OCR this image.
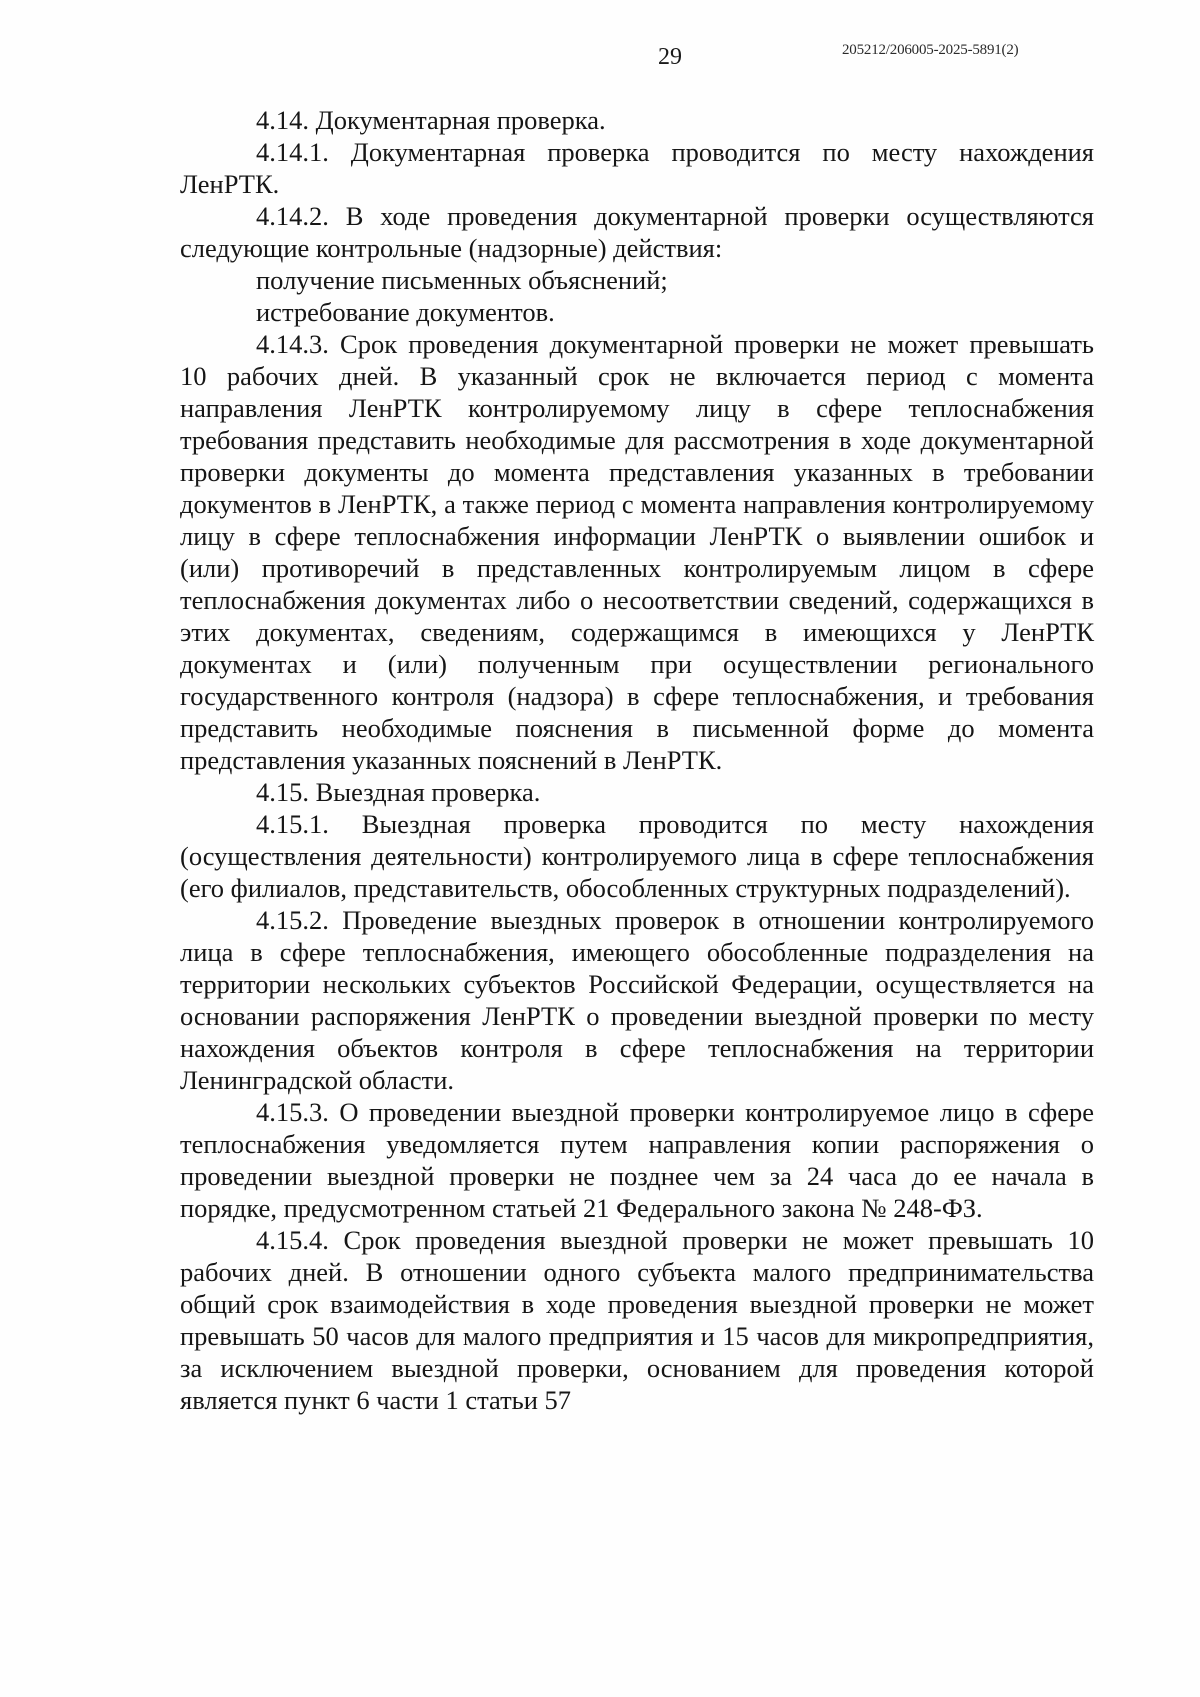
29	205212/206005-2025-5891(2)

4.14. Документарная проверка.

4.14.1. Документарная проверка проводится по месту нахождения ЛенРТК.

4.14.2. В ходе проведения документарной проверки осуществляются следующие контрольные (надзорные) действия:

получение письменных объяснений;

истребование документов.

4.14.3. Срок проведения документарной проверки не может превышать 10 рабочих дней. В указанный срок не включается период с момента направления ЛенРТК контролируемому лицу в сфере теплоснабжения требования представить необходимые для рассмотрения в ходе документарной проверки документы до момента представления указанных в требовании документов в ЛенРТК, а также период с момента направления контролируемому лицу в сфере теплоснабжения информации ЛенРТК о выявлении ошибок и (или) противоречий в представленных контролируемым лицом в сфере теплоснабжения документах либо о несоответствии сведений, содержащихся в этих документах, сведениям, содержащимся в имеющихся у ЛенРТК документах и (или) полученным при осуществлении регионального государственного контроля (надзора) в сфере теплоснабжения, и требования представить необходимые пояснения в письменной форме до момента представления указанных пояснений в ЛенРТК.

4.15. Выездная проверка.

4.15.1. Выездная проверка проводится по месту нахождения (осуществления деятельности) контролируемого лица в сфере теплоснабжения (его филиалов, представительств, обособленных структурных подразделений).

4.15.2. Проведение выездных проверок в отношении контролируемого лица в сфере теплоснабжения, имеющего обособленные подразделения на территории нескольких субъектов Российской Федерации, осуществляется на основании распоряжения ЛенРТК о проведении выездной проверки по месту нахождения объектов контроля в сфере теплоснабжения на территории Ленинградской области.

4.15.3. О проведении выездной проверки контролируемое лицо в сфере теплоснабжения уведомляется путем направления копии распоряжения о проведении выездной проверки не позднее чем за 24 часа до ее начала в порядке, предусмотренном статьей 21 Федерального закона № 248-ФЗ.

4.15.4. Срок проведения выездной проверки не может превышать 10 рабочих дней. В отношении одного субъекта малого предпринимательства общий срок взаимодействия в ходе проведения выездной проверки не может превышать 50 часов для малого предприятия и 15 часов для микропредприятия, за исключением выездной проверки, основанием для проведения которой является пункт 6 части 1 статьи 57
